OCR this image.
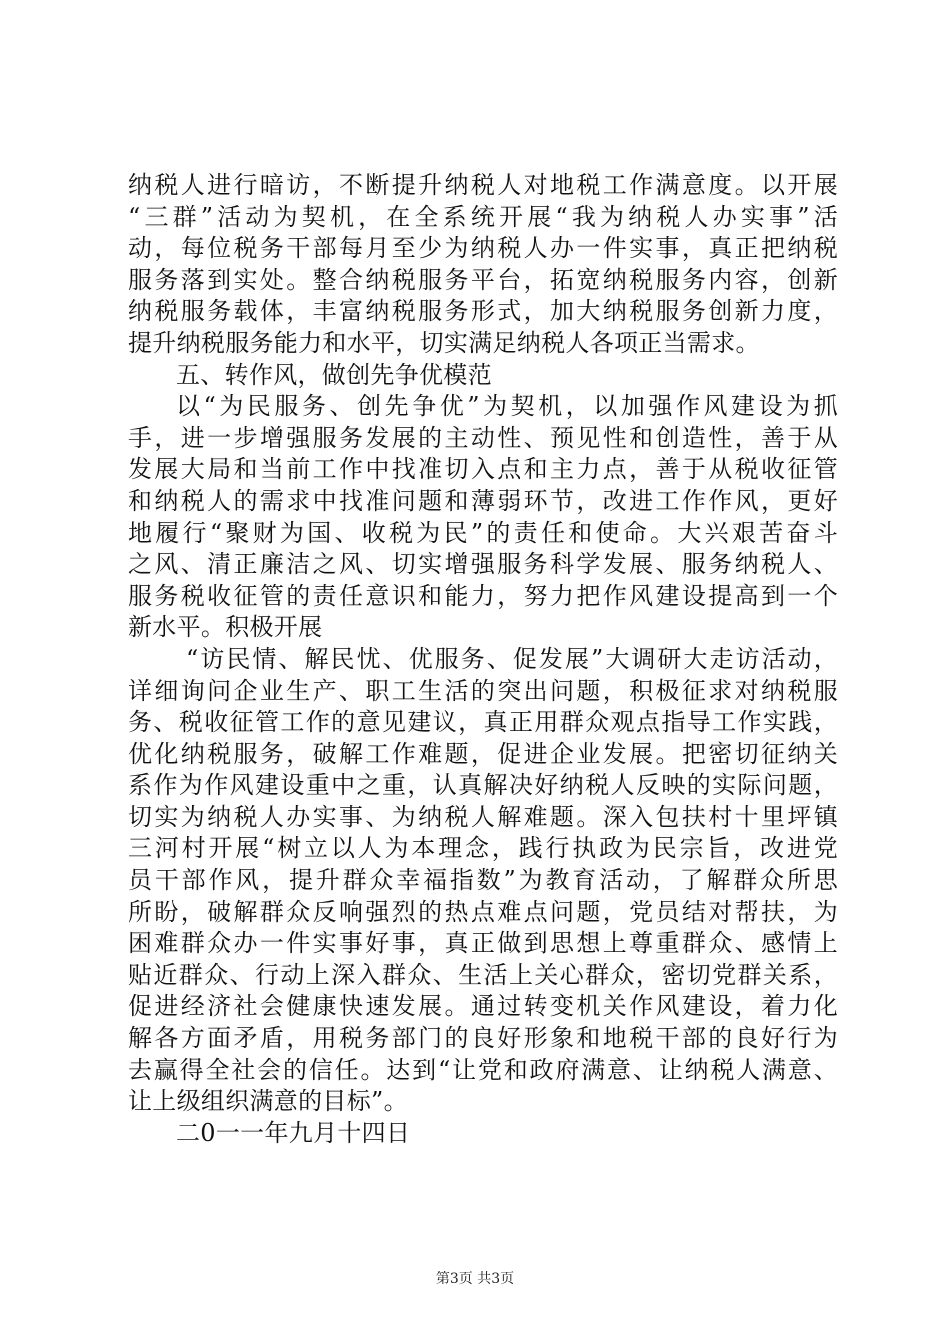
纳税人进行暗访，不断提升纳税人对地税工作满意度。以开展
“三群”活动为契机，在全系统开展“我为纳税人办实事”活
动，每位税务干部每月至少为纳税人办一件实事，真正把纳税
服务落到实处。整合纳税服务平台，拓宽纳税服务内容，创新
纳税服务载体，丰富纳税服务形式，加大纳税服务创新力度，
提升纳税服务能力和水平，切实满足纳税人各项正当需求。
五、转作风，做创先争优模范
以“为民服务、创先争优”为契机，以加强作风建设为抓
手，进一步增强服务发展的主动性、预见性和创造性，善于从
发展大局和当前工作中找准切入点和主力点，善于从税收征管
和纳税人的需求中找准问题和薄弱环节，改进工作作风，更好
地履行“聚财为国、收税为民”的责任和使命。大兴艰苦奋斗
之风、清正廉洁之风、切实增强服务科学发展、服务纳税人、
服务税收征管的责任意识和能力，努力把作风建设提高到一个
新水平。积极开展
“访民情、解民忧、优服务、促发展”大调研大走访活动，
详细询问企业生产、职工生活的突出问题，积极征求对纳税服
务、税收征管工作的意见建议，真正用群众观点指导工作实践，
优化纳税服务，破解工作难题，促进企业发展。把密切征纳关
系作为作风建设重中之重，认真解决好纳税人反映的实际问题，
切实为纳税人办实事、为纳税人解难题。深入包扶村十里坪镇
三河村开展“树立以人为本理念，践行执政为民宗旨，改进党
员干部作风，提升群众幸福指数”为教育活动，了解群众所思
所盼，破解群众反响强烈的热点难点问题，党员结对帮扶，为
困难群众办一件实事好事，真正做到思想上尊重群众、感情上
贴近群众、行动上深入群众、生活上关心群众，密切党群关系，
促进经济社会健康快速发展。通过转变机关作风建设，着力化
解各方面矛盾，用税务部门的良好形象和地税干部的良好行为
去赢得全社会的信任。达到“让党和政府满意、让纳税人满意、
让上级组织满意的目标”。
二0一一年九月十四日
第3页 共3页
